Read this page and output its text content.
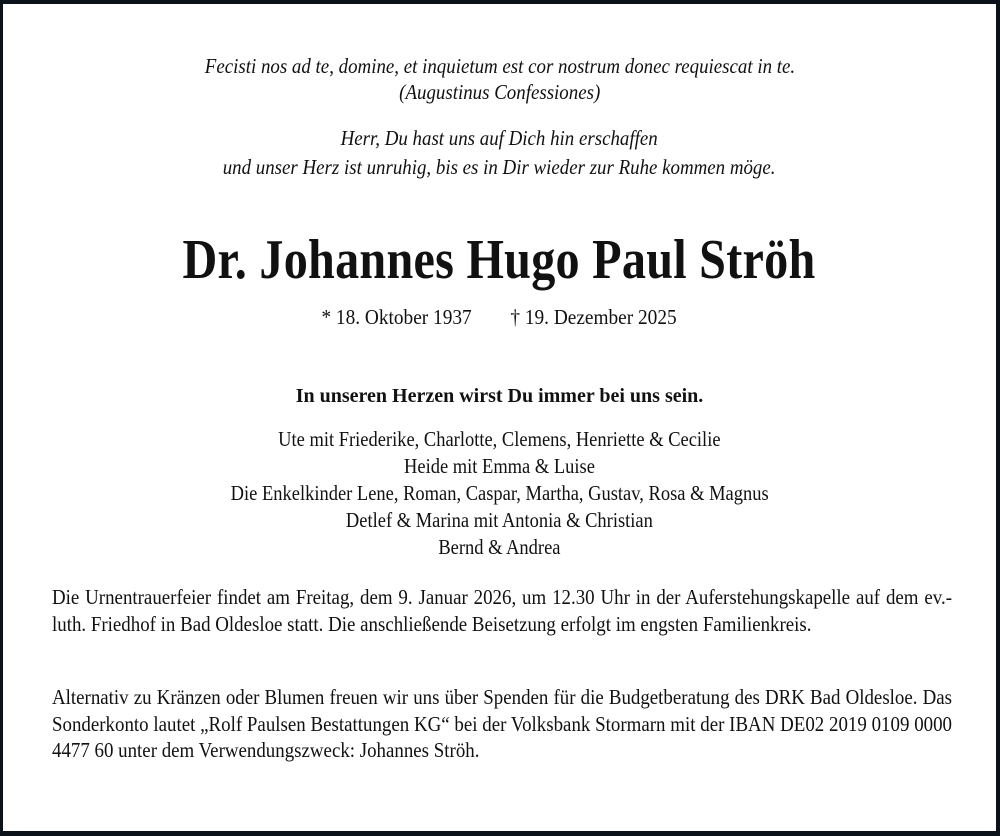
Fecisti nos ad te, domine, et inquietum est cor nostrum donec requiescat in te.
(Augustinus Confessiones)
Herr, Du hast uns auf Dich hin erschaffen
und unser Herz ist unruhig, bis es in Dir wieder zur Ruhe kommen möge.
Dr. Johannes Hugo Paul Ströh
* 18. Oktober 1937 † 19. Dezember 2025
In unseren Herzen wirst Du immer bei uns sein.
Ute mit Friederike, Charlotte, Clemens, Henriette & Cecilie
Heide mit Emma & Luise
Die Enkelkinder Lene, Roman, Caspar, Martha, Gustav, Rosa & Magnus
Detlef & Marina mit Antonia & Christian
Bernd & Andrea
Die Urnentrauerfeier findet am Freitag, dem 9. Januar 2026, um 12.30 Uhr in der Auferstehungskapelle auf dem ev.-luth. Friedhof in Bad Oldesloe statt. Die anschließende Beisetzung erfolgt im engsten Familienkreis.
Alternativ zu Kränzen oder Blumen freuen wir uns über Spenden für die Budgetberatung des DRK Bad Oldesloe. Das Sonderkonto lautet „Rolf Paulsen Bestattungen KG“ bei der Volksbank Stormarn mit der IBAN DE02 2019 0109 0000 4477 60 unter dem Verwendungszweck: Johannes Ströh.
